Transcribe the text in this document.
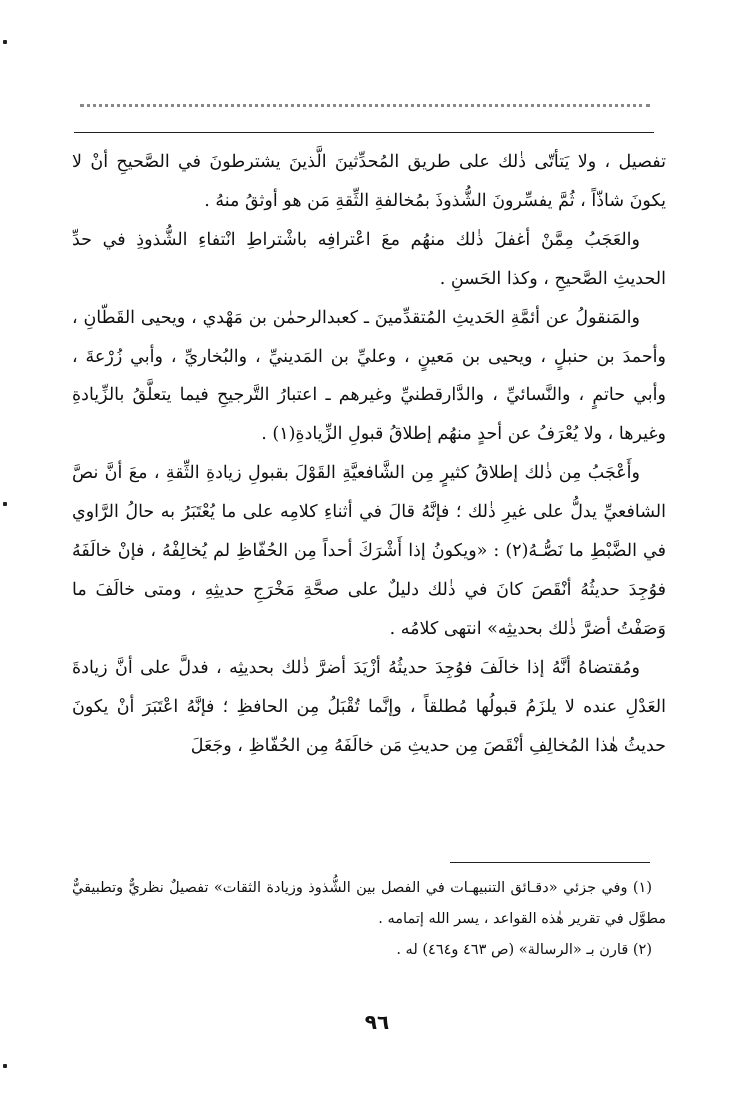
تفصيل ، ولا يَتأتّى ذٰلك على طريق المُحدِّثينَ الَّذينَ يشترطونَ في الصَّحيحِ أنْ لا يكونَ شاذّاً ، ثُمَّ يفسِّرونَ الشُّذوذَ بمُخالفةِ الثِّقةِ مَن هو أوثقُ منهُ .

والعَجَبُ مِمَّنْ أغفلَ ذٰلك منهُم معَ اعْترافِه باشْتراطِ انْتفاءِ الشُّذوذِ في حدِّ الحديثِ الصَّحيحِ ، وكذا الحَسنِ .

والمَنقولُ عن أئمَّةِ الحَديثِ المُتقدِّمينَ ـ كعبدالرحمٰن بن مَهْدي ، ويحيى القَطّانِ ، وأحمدَ بن حنبلٍ ، ويحيى بن مَعينٍ ، وعليِّ بن المَدينيِّ ، والبُخاريِّ ، وأبي زُرْعةَ ، وأبي حاتمٍ ، والنَّسائيِّ ، والدَّارقطنيِّ وغيرهم ـ اعتبارُ التَّرجيحِ فيما يتعلَّقُ بالزِّيادةِ وغيرها ، ولا يُعْرَفُ عن أحدٍ منهُم إطلاقُ قبولِ الزِّيادةِ(١) .

وأَعْجَبُ مِن ذٰلك إطلاقُ كثيرٍ مِن الشَّافعيَّةِ القَوْلَ بقبولِ زيادةِ الثِّقةِ ، معَ أنَّ نصَّ الشافعيِّ يدلُّ على غيرِ ذٰلك ؛ فإنَّهُ قالَ في أثناءِ كلامِه على ما يُعْتَبَرُ به حالُ الرَّاوي في الضَّبْطِ ما نَصُّـهُ(٢) : «ويكونُ إذا أَشْرَكَ أحداً مِن الحُفّاظِ لم يُخالِفْهُ ، فإنْ خالَفَهُ فوُجِدَ حديثُهُ أنْقَصَ كانَ في ذٰلك دليلٌ على صحَّةِ مَخْرَجِ حديثِهِ ، ومتى خالَفَ ما وَصَفْتُ أضرَّ ذٰلك بحديثِه» انتهى كلامُه .

ومُقتضاهُ أنَّهُ إذا خالَفَ فوُجِدَ حديثُهُ أزْيَدَ أضرَّ ذٰلك بحديثِه ، فدلَّ على أنَّ زيادةَ العَدْلِ عنده لا يلزَمُ قبولُها مُطلقاً ، وإنَّما تُقْبَلُ مِن الحافظِ ؛ فإنَّهُ اعْتَبَرَ أنْ يكونَ حديثُ هٰذا المُخالِفِ أنْقَصَ مِن حديثِ مَن خالَفَهُ مِن الحُفّاظِ ، وجَعَلَ

(١) وفي جزئي «دقـائق التنبيهـات في الفصل بين الشُّذوذ وزيادة الثقات» تفصيلٌ نظريٌّ وتطبيقيٌّ مطوَّل في تقرير هٰذه القواعد ، يسر الله إتمامه .

(٢) قارن بـ «الرسالة» (ص ٤٦٣ و٤٦٤) له .

٩٦
